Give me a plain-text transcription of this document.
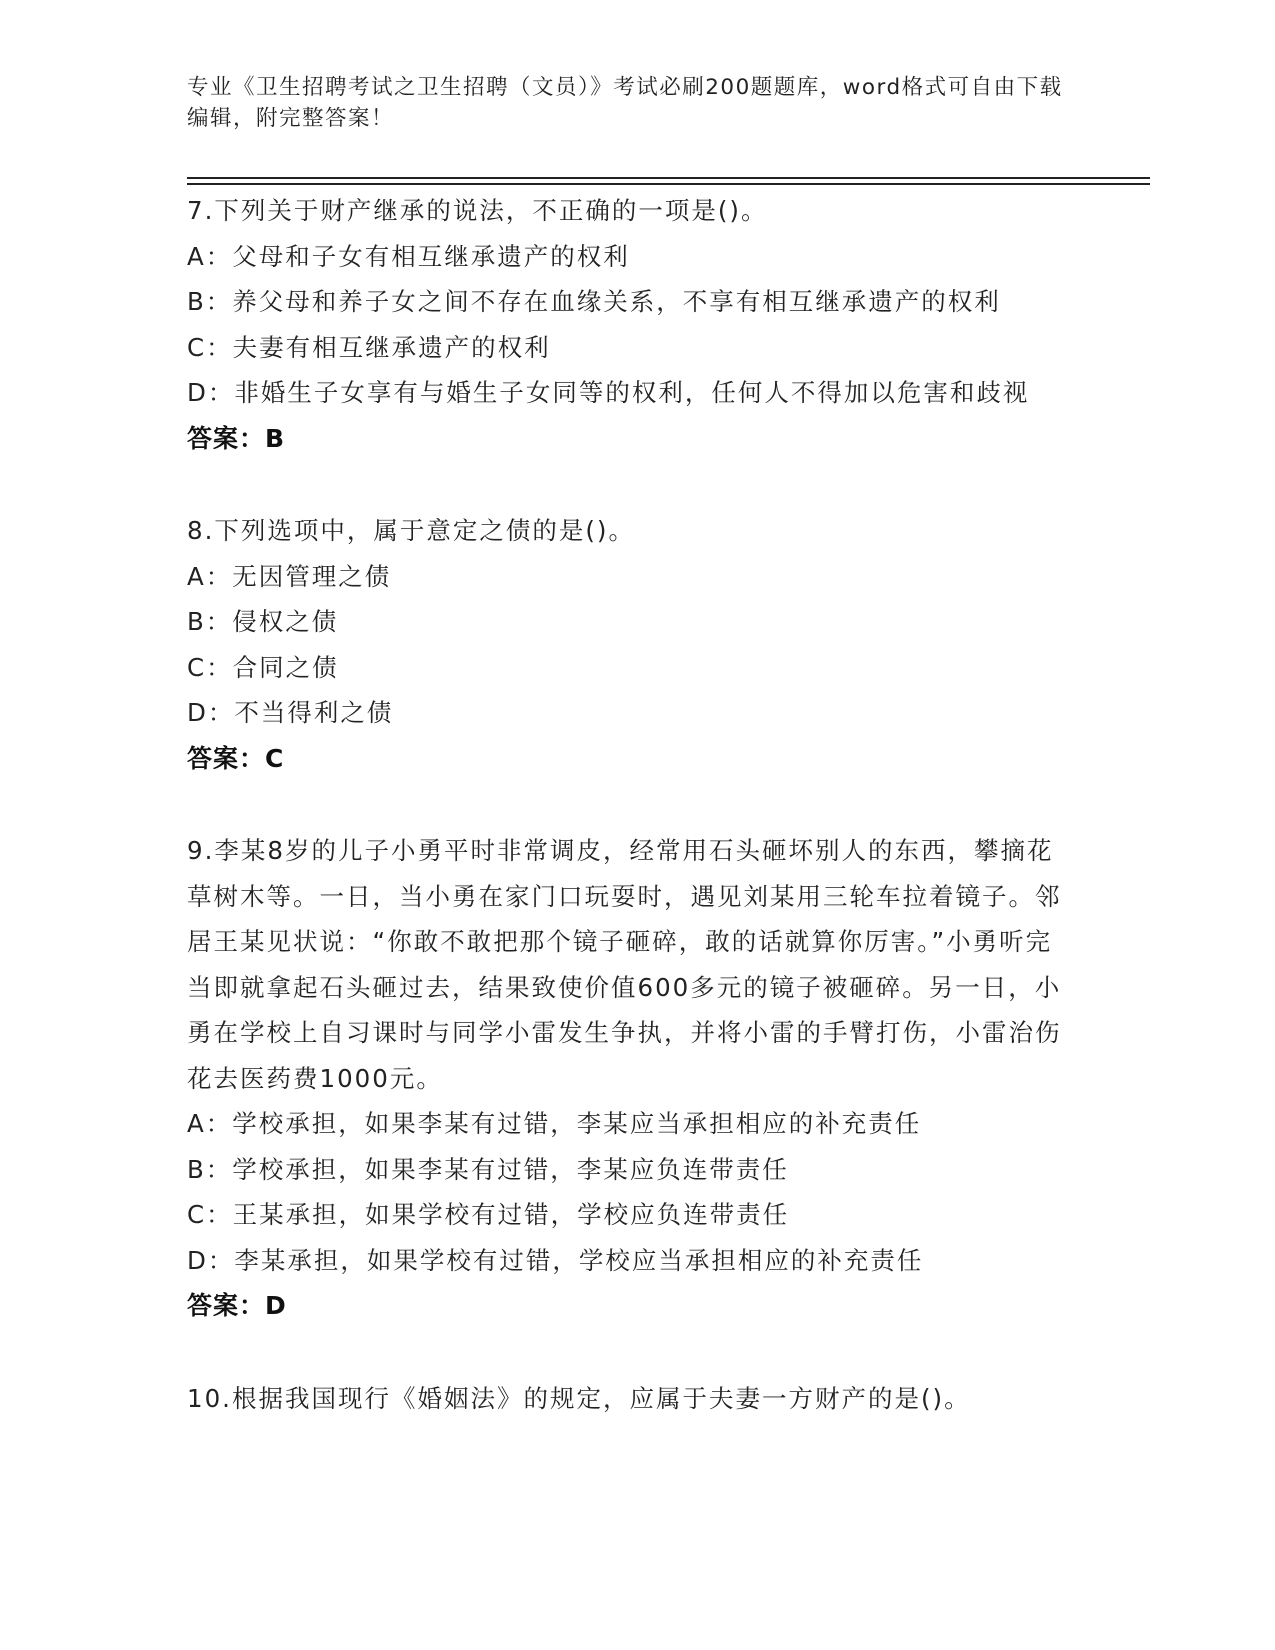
专业《卫生招聘考试之卫生招聘（文员）》考试必刷200题题库，word格式可自由下载编辑，附完整答案！

7.下列关于财产继承的说法，不正确的一项是()。

A：父母和子女有相互继承遗产的权利

B：养父母和养子女之间不存在血缘关系，不享有相互继承遗产的权利

C：夫妻有相互继承遗产的权利

D：非婚生子女享有与婚生子女同等的权利，任何人不得加以危害和歧视

答案：B

8.下列选项中，属于意定之债的是()。

A：无因管理之债

B：侵权之债

C：合同之债

D：不当得利之债

答案：C

9.李某8岁的儿子小勇平时非常调皮，经常用石头砸坏别人的东西，攀摘花草树木等。一日，当小勇在家门口玩耍时，遇见刘某用三轮车拉着镜子。邻居王某见状说：“你敢不敢把那个镜子砸碎，敢的话就算你厉害。”小勇听完当即就拿起石头砸过去，结果致使价值600多元的镜子被砸碎。另一日，小勇在学校上自习课时与同学小雷发生争执，并将小雷的手臂打伤，小雷治伤花去医药费1000元。

A：学校承担，如果李某有过错，李某应当承担相应的补充责任

B：学校承担，如果李某有过错，李某应负连带责任

C：王某承担，如果学校有过错，学校应负连带责任

D：李某承担，如果学校有过错，学校应当承担相应的补充责任

答案：D

10.根据我国现行《婚姻法》的规定，应属于夫妻一方财产的是()。
